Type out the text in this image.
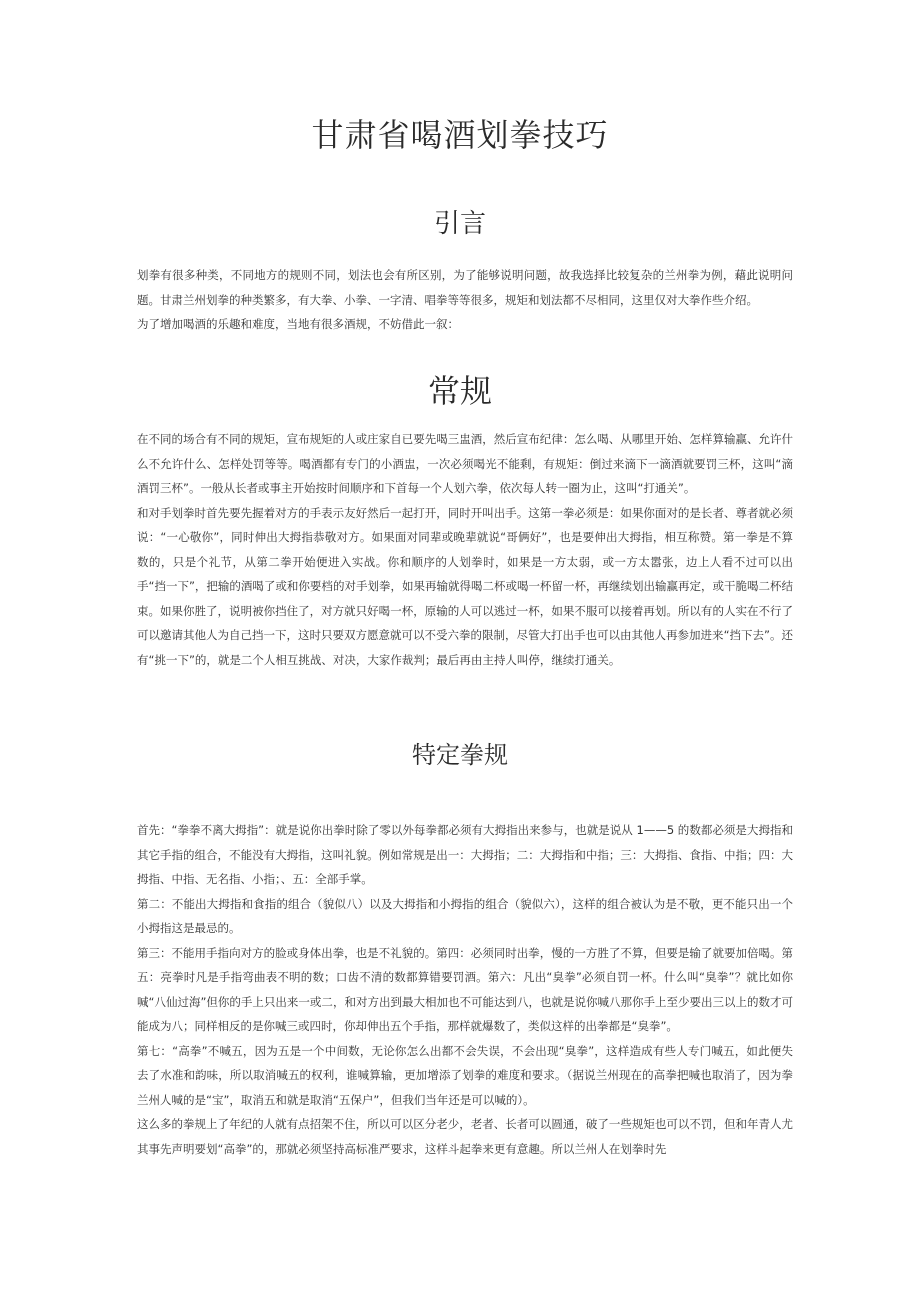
甘肃省喝酒划拳技巧
引言

划拳有很多种类，不同地方的规则不同，划法也会有所区别，为了能够说明问题，故我选择比较复杂的兰州拳为例，藉此说明问题。甘肃兰州划拳的种类繁多，有大拳、小拳、一字清、唱拳等等很多，规矩和划法都不尽相同，这里仅对大拳作些介绍。

为了增加喝酒的乐趣和难度，当地有很多酒规，不妨借此一叙：

常规

在不同的场合有不同的规矩，宣布规矩的人或庄家自已要先喝三盅酒，然后宣布纪律：怎么喝、从哪里开始、怎样算输赢、允许什么不允许什么、怎样处罚等等。喝酒都有专门的小酒盅，一次必须喝光不能剩，有规矩：倒过来滴下一滴酒就要罚三杯，这叫“滴酒罚三杯”。一般从长者或事主开始按时间顺序和下首每一个人划六拳，依次每人转一圈为止，这叫“打通关”。

和对手划拳时首先要先握着对方的手表示友好然后一起打开，同时开叫出手。这第一拳必须是：如果你面对的是长者、尊者就必须说：“一心敬你”，同时伸出大拇指恭敬对方。如果面对同辈或晚辈就说“哥俩好”，也是要伸出大拇指，相互称赞。第一拳是不算数的，只是个礼节，从第二拳开始便进入实战。你和顺序的人划拳时，如果是一方太弱，或一方太嚣张，边上人看不过可以出手“挡一下”，把输的酒喝了或和你要档的对手划拳，如果再输就得喝二杯或喝一杯留一杯，再继续划出输赢再定，或干脆喝二杯结束。如果你胜了，说明被你挡住了，对方就只好喝一杯，原输的人可以逃过一杯，如果不服可以接着再划。所以有的人实在不行了可以邀请其他人为自己挡一下，这时只要双方愿意就可以不受六拳的限制，尽管大打出手也可以由其他人再参加进来“挡下去”。还有“挑一下”的，就是二个人相互挑战、对决，大家作裁判；最后再由主持人叫停，继续打通关。

特定拳规

首先：“拳拳不离大拇指”：就是说你出拳时除了零以外每拳都必须有大拇指出来参与，也就是说从 1——5 的数都必须是大拇指和其它手指的组合，不能没有大拇指，这叫礼貌。例如常规是出一：大拇指；二：大拇指和中指；三：大拇指、食指、中指；四：大拇指、中指、无名指、小指；、五：全部手掌。

第二：不能出大拇指和食指的组合（貌似八）以及大拇指和小拇指的组合（貌似六），这样的组合被认为是不敬，更不能只出一个小拇指这是最忌的。

第三：不能用手指向对方的脸或身体出拳，也是不礼貌的。第四：必须同时出拳，慢的一方胜了不算，但要是输了就要加倍喝。第五：亮拳时凡是手指弯曲表不明的数；口齿不清的数都算错要罚酒。第六：凡出“臭拳”必须自罚一杯。什么叫“臭拳”？就比如你喊“八仙过海”但你的手上只出来一或二，和对方出到最大相加也不可能达到八，也就是说你喊八那你手上至少要出三以上的数才可能成为八；同样相反的是你喊三或四时，你却伸出五个手指，那样就爆数了，类似这样的出拳都是“臭拳”。

第七：“高拳”不喊五，因为五是一个中间数，无论你怎么出都不会失误，不会出现“臭拳”，这样造成有些人专门喊五，如此便失去了水准和韵味，所以取消喊五的权利，谁喊算输，更加增添了划拳的难度和要求。（据说兰州现在的高拳把喊也取消了，因为拳兰州人喊的是“宝”，取消五和就是取消“五保户”，但我们当年还是可以喊的）。

这么多的拳规上了年纪的人就有点招架不住，所以可以区分老少，老者、长者可以圆通，破了一些规矩也可以不罚，但和年青人尤其事先声明要划“高拳”的，那就必须坚持高标准严要求，这样斗起拳来更有意趣。所以兰州人在划拳时先
